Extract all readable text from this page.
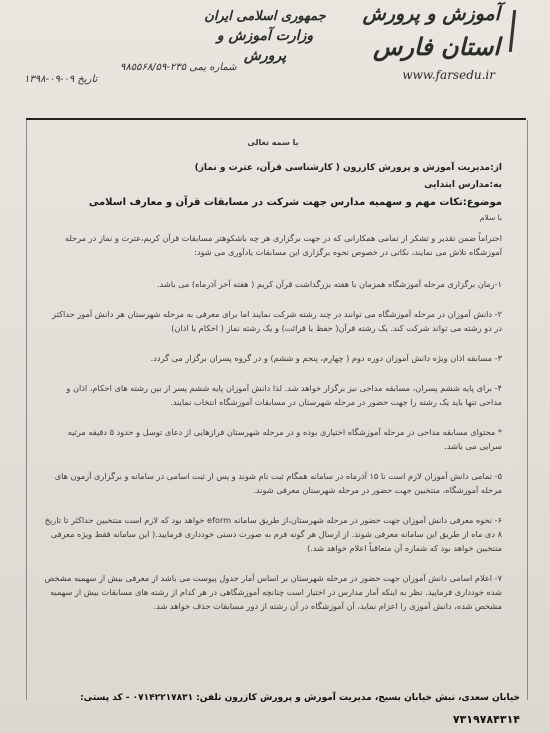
آموزش و پرورش
استان فارس
جمهوری اسلامی ایران
وزارت آموزش و پرورش
www.farsedu.ir
شماره یمی ۲۳۵-۹۸۵۵۶۸/۵۹
تاریخ ۰۹-۰۹-۱۳۹۸
با سمه تعالی
از:مدیریت آموزش و پرورش کازرون ( کارشناسی قرآن، عترت و نماز)
به:مدارس ابتدایی
موضوع:نکات مهم و سهمیه مدارس جهت شرکت در مسابقات قرآن و معارف اسلامی
با سلام

احتراماً ضمن تقدیر و تشکر از تمامی همکارانی که در جهت برگزاری هر چه باشکوهتر مسابقات قرآن کریم،عترت و نماز در مرحله آموزشگاه تلاش می نمایند، نکاتی در خصوص نحوه برگزاری این مسابقات یادآوری می شود:

۱-زمان برگزاری مرحله آموزشگاه همزمان با هفته بزرگداشت قرآن کریم ( هفته آخر آذرماه) می باشد.

۲- دانش آموزان در مرحله آموزشگاه می توانند در چند رشته شرکت نمایند اما برای معرفی به مرحله شهرستان هر دانش آموز حداکثر در دو رشته می تواند شرکت کند. یک رشته قرآن( حفظ یا قرائت) و یک رشته نماز ( احکام یا اذان)

۳- مسابقه اذان ویژه دانش آموزان دوره دوم ( چهارم، پنجم و ششم) و در گروه پسران برگزار می گردد.

۴- برای پایه ششم پسران، مسابقه مداحی نیز برگزار خواهد شد. لذا دانش آموزان پایه ششم پسر از بین رشته های احکام، اذان و مداحی تنها باید یک رشته را جهت حضور در مرحله شهرستان در مسابقات آموزشگاه انتخاب نمایند.

* محتوای مسابقه مداحی در مرحله آموزشگاه اختیاری بوده و در مرحله شهرستان فرازهایی از دعای توسل و حدود ۵ دقیقه مرثیه سرایی می باشد.

۵- تمامی دانش آموزان لازم است تا ۱۵ آذرماه در سامانه همگام ثبت نام شوند و پس از ثبت اسامی در سامانه و برگزاری آزمون های مرحله آموزشگاه، منتخبین جهت حضور در مرحله شهرستان معرفی شوند.

۶- نحوه معرفی دانش آموزان جهت حضور در مرحله شهرستان،از طریق سامانه eform خواهد بود که لازم است منتخبین حداکثر تا تاریخ ۸ دی ماه از طریق این سامانه معرفی شوند. از ارسال هر گونه فرم به صورت دستی خودداری فرمایید.( این سامانه فقط ویژه معرفی منتخبین خواهد بود که شماره آن متعاقباً اعلام خواهد شد.)

۷- اعلام اسامی دانش آموزان جهت حضور در مرحله شهرستان بر اساس آمار جدول پیوست می باشد از معرفی بیش از سهمیه مشخص شده خودداری فرمایید. نظر به اینکه آمار مدارس در اختیار است چنانچه آموزشگاهی در هر کدام از رشته های مسابقات بیش از سهمیه مشخص شده، دانش آموزی را اعزام نماید، آن آموزشگاه در آن رشته از دور مسابقات حذف خواهد شد.

خیابان سعدی، نبش خیابان بسیج، مدیریت آموزش و پرورش کازرون تلفن: ۰۷۱۴۲۲۱۷۸۳۱ - کد پستی:
۷۳۱۹۷۸۴۳۱۴
